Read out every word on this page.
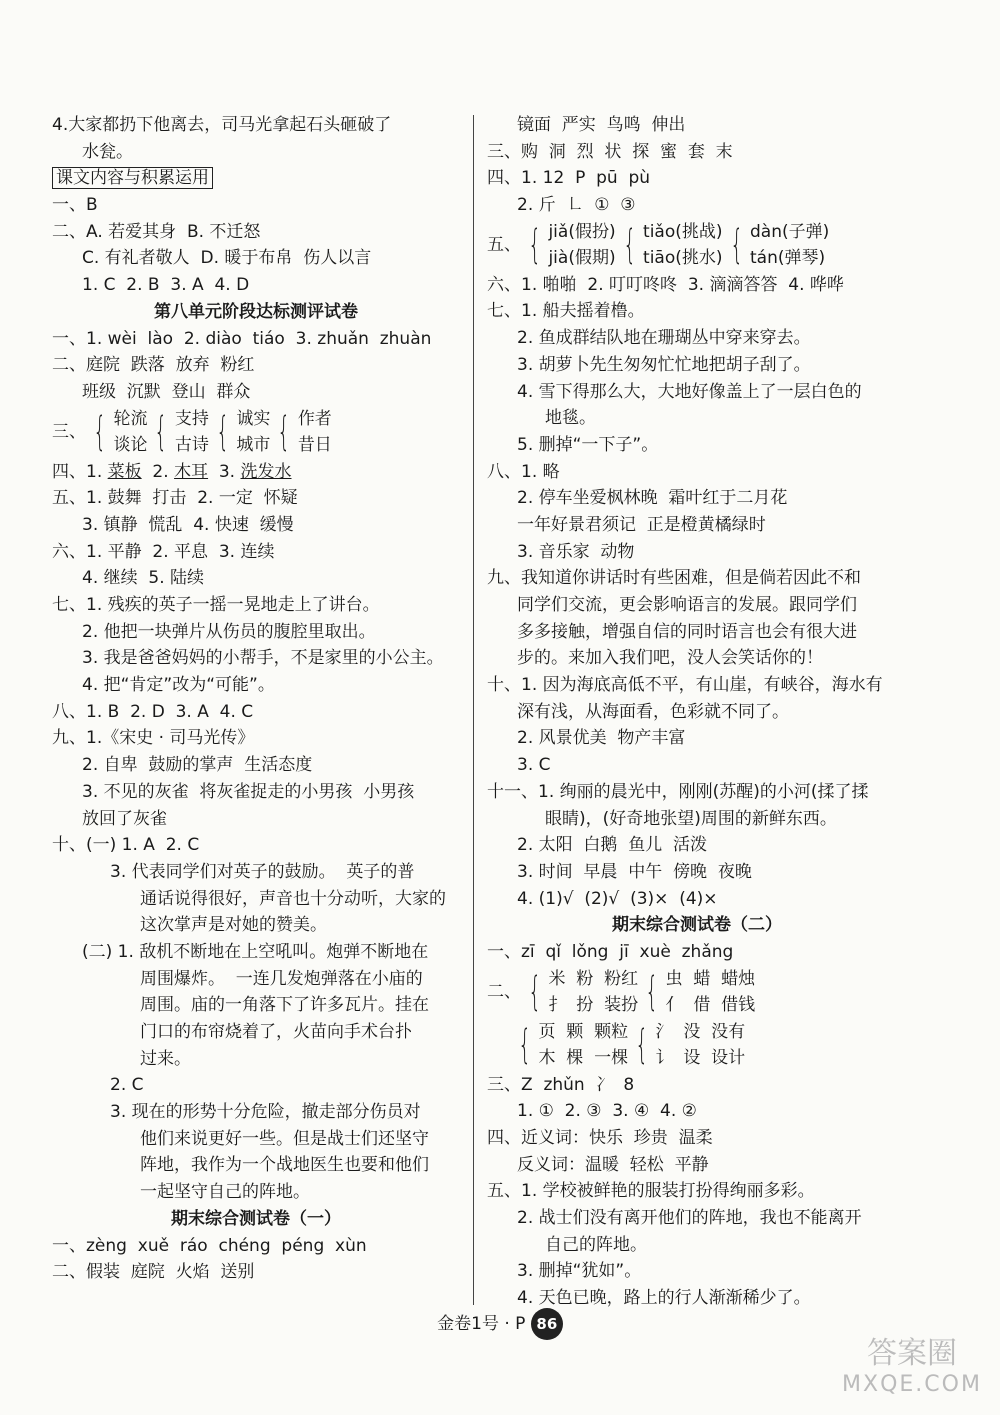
4.大家都扔下他离去，司马光拿起石头砸破了
水瓮。
课文内容与积累运用
一、B
二、A. 若爱其身  B. 不迁怒
C. 有礼者敬人  D. 暖于布帛  伤人以言
1. C  2. B  3. A  4. D
第八单元阶段达标测评试卷
一、1. wèi  lào  2. diào  tiáo  3. zhuǎn  zhuàn
二、庭院  跌落  放弃  粉红
班级  沉默  登山  群众
三、 { 轮流
谈论 { 支持
古诗 { 诚实
城市 { 作者
昔日
四、1. 菜板  2. 木耳  3. 洗发水
五、1. 鼓舞  打击  2. 一定  怀疑
3. 镇静  慌乱  4. 快速  缓慢
六、1. 平静  2. 平息  3. 连续
4. 继续  5. 陆续
七、1. 残疾的英子一摇一晃地走上了讲台。
2. 他把一块弹片从伤员的腹腔里取出。
3. 我是爸爸妈妈的小帮手，不是家里的小公主。
4. 把“肯定”改为“可能”。
八、1. B  2. D  3. A  4. C
九、1.《宋史 · 司马光传》
2. 自卑  鼓励的掌声  生活态度
3. 不见的灰雀  将灰雀捉走的小男孩  小男孩
放回了灰雀
十、(一) 1. A  2. C
3. 代表同学们对英子的鼓励。  英子的普
通话说得很好，声音也十分动听，大家的
这次掌声是对她的赞美。
(二) 1. 敌机不断地在上空吼叫。炮弹不断地在
周围爆炸。  一连几发炮弹落在小庙的
周围。庙的一角落下了许多瓦片。挂在
门口的布帘烧着了，火苗向手术台扑
过来。
2. C
3. 现在的形势十分危险，撤走部分伤员对
他们来说更好一些。但是战士们还坚守
阵地，我作为一个战地医生也要和他们
一起坚守自己的阵地。
期末综合测试卷（一）
一、zèng  xuě  ráo  chéng  péng  xùn
二、假装  庭院  火焰  送别
镜面  严实  鸟鸣  伸出
三、购  洞  烈  状  探  蜜  套  末
四、1. 12  P  pū  pù
2. 斤  ㇗  ①  ③
五、 { jiǎ(假扮)
jià(假期) { tiǎo(挑战)
tiāo(挑水) { dàn(子弹)
tán(弹琴)
六、1. 啪啪  2. 叮叮咚咚  3. 滴滴答答  4. 哗哗
七、1. 船夫摇着橹。
2. 鱼成群结队地在珊瑚丛中穿来穿去。
3. 胡萝卜先生匆匆忙忙地把胡子刮了。
4. 雪下得那么大，大地好像盖上了一层白色的
地毯。
5. 删掉“一下子”。
八、1. 略
2. 停车坐爱枫林晚  霜叶红于二月花
一年好景君须记  正是橙黄橘绿时
3. 音乐家  动物
九、我知道你讲话时有些困难，但是倘若因此不和
同学们交流，更会影响语言的发展。跟同学们
多多接触，增强自信的同时语言也会有很大进
步的。来加入我们吧，没人会笑话你的！
十、1. 因为海底高低不平，有山崖，有峡谷，海水有
深有浅，从海面看，色彩就不同了。
2. 风景优美  物产丰富
3. C
十一、1. 绚丽的晨光中，刚刚(苏醒)的小河(揉了揉
眼睛)，(好奇地张望)周围的新鲜东西。
2. 太阳  白鹅  鱼儿  活泼
3. 时间  早晨  中午  傍晚  夜晚
4. (1)√  (2)√  (3)×  (4)×
期末综合测试卷（二）
一、zī  qǐ  lǒng  jī  xuè  zhǎng
二、 { 米  粉  粉红
扌  扮  装扮 { 虫  蜡  蜡烛
亻  借  借钱
{ 页  颗  颗粒
木  棵  一棵 { 氵  没  没有
讠  设  设计
三、Z  zhǔn  冫  8
1. ①  2. ③  3. ④  4. ②
四、近义词：快乐  珍贵  温柔
反义词：温暖  轻松  平静
五、1. 学校被鲜艳的服装打扮得绚丽多彩。
2. 战士们没有离开他们的阵地，我也不能离开
自己的阵地。
3. 删掉“犹如”。
4. 天色已晚，路上的行人渐渐稀少了。
金卷1号 · P 86
答案圈
MXQE.COM
